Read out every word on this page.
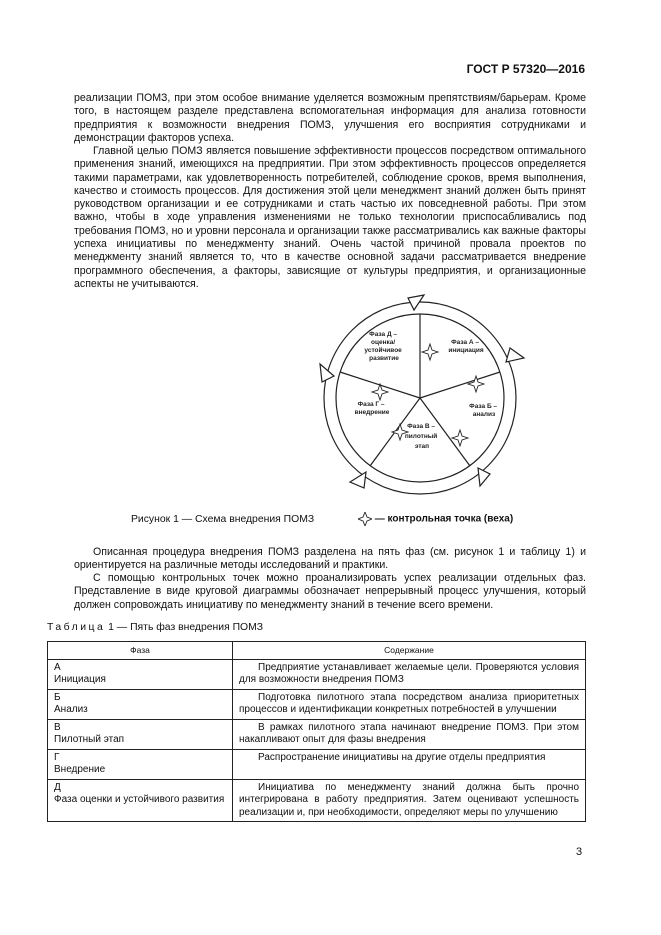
ГОСТ Р 57320—2016

реализации ПОМЗ, при этом особое внимание уделяется возможным препятствиям/барьерам. Кроме того, в настоящем разделе представлена вспомогательная информация для анализа готовности предприятия к возможности внедрения ПОМЗ, улучшения его восприятия сотрудниками и демонстрации факторов успеха.

Главной целью ПОМЗ является повышение эффективности процессов посредством оптимального применения знаний, имеющихся на предприятии. При этом эффективность процессов определяется такими параметрами, как удовлетворенность потребителей, соблюдение сроков, время выполнения, качество и стоимость процессов. Для достижения этой цели менеджмент знаний должен быть принят руководством организации и ее сотрудниками и стать частью их повседневной работы. При этом важно, чтобы в ходе управления изменениями не только технологии приспосабливались под требования ПОМЗ, но и уровни персонала и организации также рассматривались как важные факторы успеха инициативы по менеджменту знаний. Очень частой причиной провала проектов по менеджменту знаний является то, что в качестве основной задачи рассматривается внедрение программного обеспечения, а факторы, зависящие от культуры предприятия, и организационные аспекты не учитываются.

Фаза Д – оценка/ устойчивое развитие
Фаза А – инициация
Фаза Г – внедрение
Фаза Б – анализ
Фаза В – пилотный этап
Рисунок 1 — Схема внедрения ПОМЗ	— контрольная точка (веха)

Описанная процедура внедрения ПОМЗ разделена на пять фаз (см. рисунок 1 и таблицу 1) и ориентируется на различные методы исследований и практики.

С помощью контрольных точек можно проанализировать успех реализации отдельных фаз. Представление в виде круговой диаграммы обозначает непрерывный процесс улучшения, который должен сопровождать инициативу по менеджменту знаний в течение всего времени.

Таблица 1 — Пять фаз внедрения ПОМЗ
Фаза	Содержание

А
Инициация	Предприятие устанавливает желаемые цели. Проверяются условия для возможности внедрения ПОМЗ

Б
Анализ	Подготовка пилотного этапа посредством анализа приоритетных процессов и идентификации конкретных потребностей в улучшении

В
Пилотный этап	В рамках пилотного этапа начинают внедрение ПОМЗ. При этом накапливают опыт для фазы внедрения

Г
Внедрение	Распространение инициативы на другие отделы предприятия

Д
Фаза оценки и устойчивого развития	Инициатива по менеджменту знаний должна быть прочно интегрирована в работу предприятия. Затем оценивают успешность реализации и, при необходимости, определяют меры по улучшению
3
